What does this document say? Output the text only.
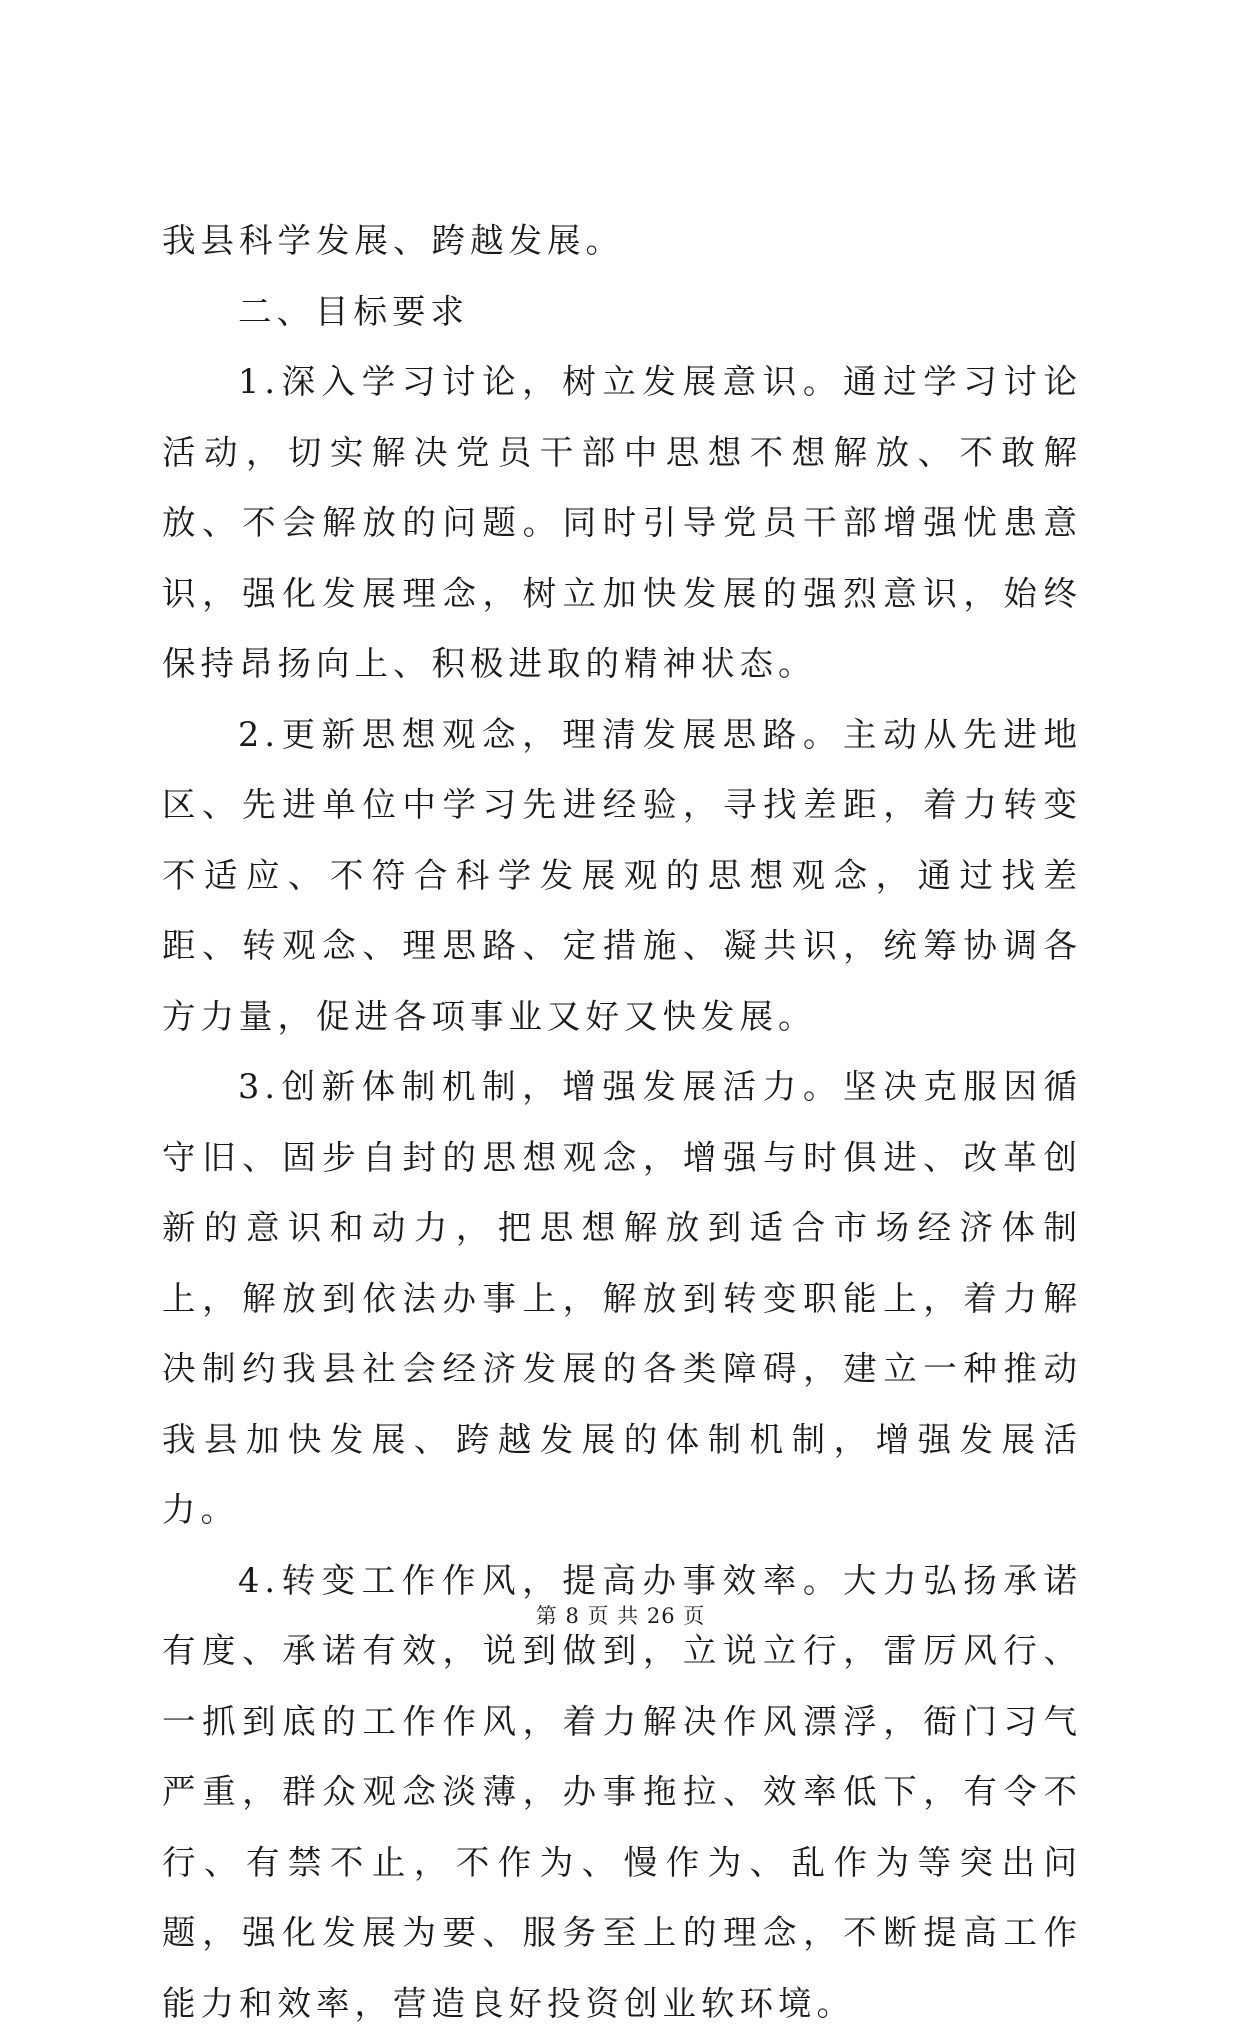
我县科学发展、跨越发展。

二、目标要求

1.深入学习讨论，树立发展意识。通过学习讨论活动，切实解决党员干部中思想不想解放、不敢解放、不会解放的问题。同时引导党员干部增强忧患意识，强化发展理念，树立加快发展的强烈意识，始终保持昂扬向上、积极进取的精神状态。

2.更新思想观念，理清发展思路。主动从先进地区、先进单位中学习先进经验，寻找差距，着力转变不适应、不符合科学发展观的思想观念，通过找差距、转观念、理思路、定措施、凝共识，统筹协调各方力量，促进各项事业又好又快发展。

3.创新体制机制，增强发展活力。坚决克服因循守旧、固步自封的思想观念，增强与时俱进、改革创新的意识和动力，把思想解放到适合市场经济体制上，解放到依法办事上，解放到转变职能上，着力解决制约我县社会经济发展的各类障碍，建立一种推动我县加快发展、跨越发展的体制机制，增强发展活力。

4.转变工作作风，提高办事效率。大力弘扬承诺有度、承诺有效，说到做到，立说立行，雷厉风行、一抓到底的工作作风，着力解决作风漂浮，衙门习气严重，群众观念淡薄，办事拖拉、效率低下，有令不行、有禁不止，不作为、慢作为、乱作为等突出问题，强化发展为要、服务至上的理念，不断提高工作能力和效率，营造良好投资创业软环境。

第 8 页 共 26 页
